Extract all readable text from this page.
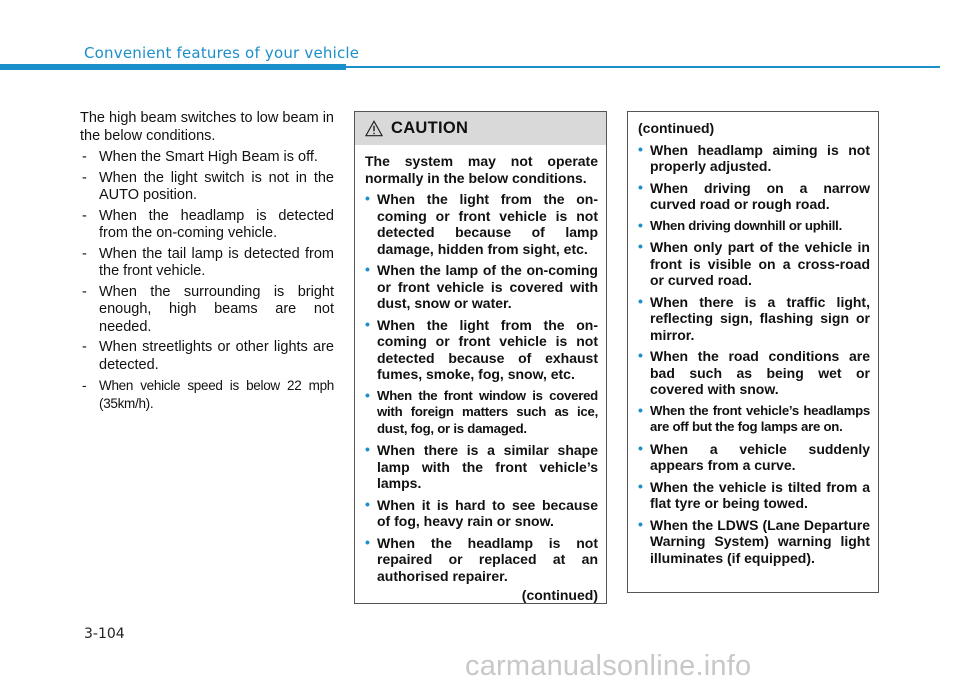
Convenient features of your vehicle

The high beam switches to low beam in the below conditions.

- When the Smart High Beam is off.
- When the light switch is not in the AUTO position.
- When the headlamp is detected from the on-coming vehicle.
- When the tail lamp is detected from the front vehicle.
- When the surrounding is bright enough, high beams are not needed.
- When streetlights or other lights are detected.
- When vehicle speed is below 22 mph (35km/h).
CAUTION

The system may not operate normally in the below conditions.

• When the light from the on-coming or front vehicle is not detected because of lamp damage, hidden from sight, etc.
• When the lamp of the on-coming or front vehicle is covered with dust, snow or water.
• When the light from the on-coming or front vehicle is not detected because of exhaust fumes, smoke, fog, snow, etc.
• When the front window is covered with foreign matters such as ice, dust, fog, or is damaged.
• When there is a similar shape lamp with the front vehicle’s lamps.
• When it is hard to see because of fog, heavy rain or snow.
• When the headlamp is not repaired or replaced at an authorised repairer.
(continued)

(continued)

• When headlamp aiming is not properly adjusted.
• When driving on a narrow curved road or rough road.
• When driving downhill or uphill.
• When only part of the vehicle in front is visible on a cross-road or curved road.
• When there is a traffic light, reflecting sign, flashing sign or mirror.
• When the road conditions are bad such as being wet or covered with snow.
• When the front vehicle’s headlamps are off but the fog lamps are on.
• When a vehicle suddenly appears from a curve.
• When the vehicle is tilted from a flat tyre or being towed.
• When the LDWS (Lane Departure Warning System) warning light illuminates (if equipped).
3-104
carmanualsonline.info
